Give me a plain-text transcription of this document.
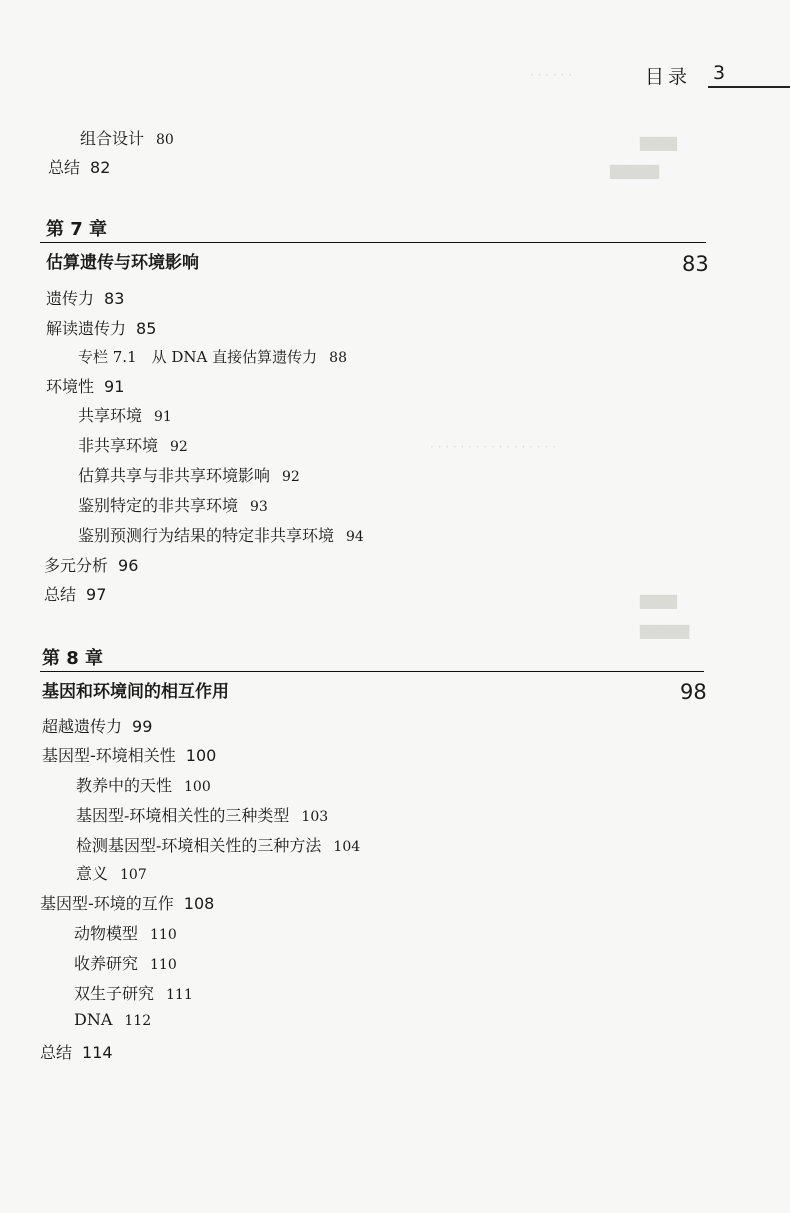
· · · · · ·
▆▆▆
▆▆▆▆
· · · · · · · · · · · · · · · · ·
▆▆▆
▆▆▆▆
目录 3
组合设计 80
总结 82
第 7 章
估算遗传与环境影响	83
遗传力 83
解读遗传力 85
专栏 7.1　从 DNA 直接估算遗传力 88
环境性 91
共享环境 91
非共享环境 92
估算共享与非共享环境影响 92
鉴别特定的非共享环境 93
鉴别预测行为结果的特定非共享环境 94
多元分析 96
总结 97
第 8 章
基因和环境间的相互作用	98
超越遗传力 99
基因型-环境相关性 100
教养中的天性 100
基因型-环境相关性的三种类型 103
检测基因型-环境相关性的三种方法 104
意义 107
基因型-环境的互作 108
动物模型 110
收养研究 110
双生子研究 111
DNA 112
总结 114
